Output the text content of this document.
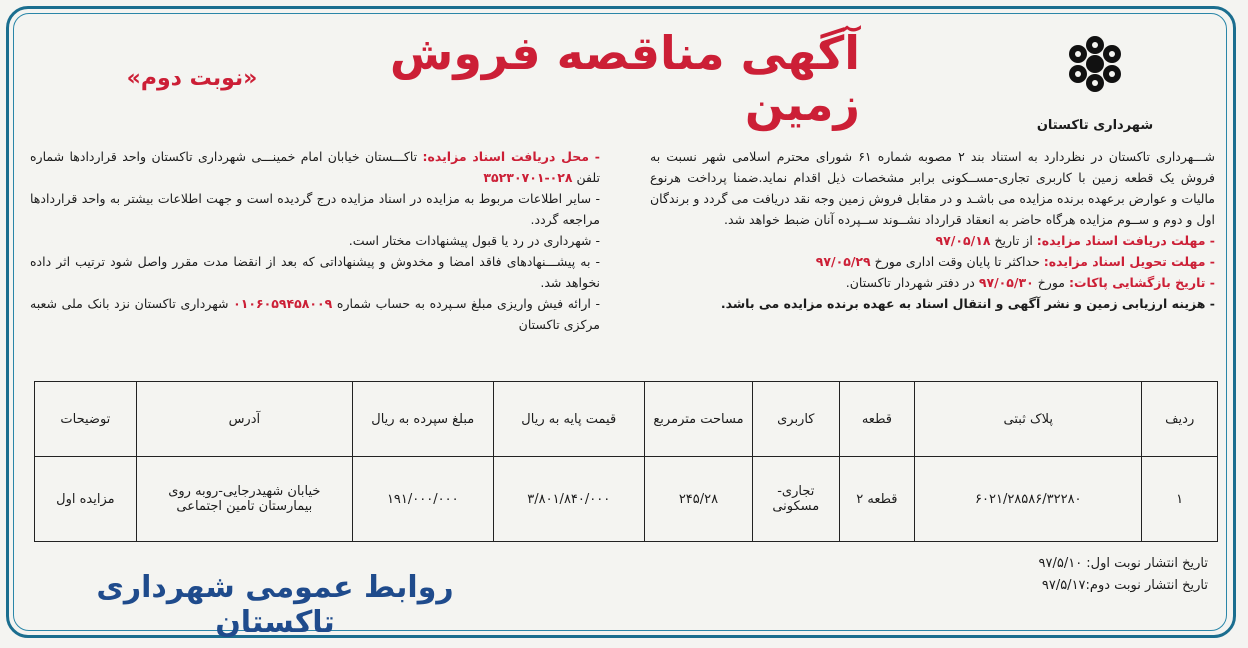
شهرداری تاکستان
آگهی مناقصه فروش زمین
«نوبت دوم»

شـــهرداری تاکستان در نظردارد به استناد بند ۲ مصوبه شماره ۶۱ شورای محترم اسلامی شهر نسبت به فروش یک قطعه زمین با کاربری تجاری-مســکونی برابر مشخصات ذیل اقدام نماید.ضمنا پرداخت هرنوع مالیات و عوارض برعهده برنده مزایده می باشـد و در مقابل فروش زمین وجه نقد دریافت می گردد و برندگان اول و دوم و ســوم مزایده هرگاه حاضر به انعقاد قرارداد نشــوند ســپرده آنان ضبط خواهد شد.

- مهلت دریافت اسناد مزایده: از تاریخ ۹۷/۰۵/۱۸

- مهلت تحویل اسناد مزایده: حداکثر تا پایان وقت اداری مورخ ۹۷/۰۵/۲۹

- تاریخ بازگشایی پاکات: مورخ ۹۷/۰۵/۳۰ در دفتر شهردار تاکستان.

- هزینه ارزیابی زمین و نشر آگهی و انتقال اسناد به عهده برنده مزایده می باشد.

- محل دریافت اسناد مزایده: تاکـــستان خیابان امام خمینـــی شهرداری تاکستان واحد قراردادها شماره تلفن ۰۲۸-۳۵۲۳۰۷۰۱

- سایر اطلاعات مربوط به مزایده در اسناد مزایده درج گردیده است و جهت اطلاعات بیشتر به واحد قراردادها مراجعه گردد.

- شهرداری در رد یا قبول پیشنهادات مختار است.

- به پیشـــنهادهای فاقد امضا و مخدوش و پیشنهاداتی که بعد از انقضا مدت مقرر واصل شود ترتیب اثر داده نخواهد شد.

- ارائه فیش واریزی مبلغ سـپرده به حساب شماره ۰۱۰۶۰۵۹۴۵۸۰۰۹ شهرداری تاکستان نزد بانک ملی شعبه مرکزی تاکستان

ردیف	پلاک ثبتی	قطعه	کاربری	مساحت مترمربع	قیمت پایه به ریال	مبلغ سپرده به ریال	آدرس	توضیحات
۱	۶۰۲۱/۲۸۵۸۶/۳۲۲۸۰	قطعه ۲	تجاری- مسکونی	۲۴۵/۲۸	۳/۸۰۱/۸۴۰/۰۰۰	۱۹۱/۰۰۰/۰۰۰	خیابان شهیدرجایی-روبه روی بیمارستان تامین اجتماعی	مزایده اول

تاریخ انتشار نوبت اول: ۹۷/۵/۱۰

تاریخ انتشار نوبت دوم:۹۷/۵/۱۷

روابط عمومی شهرداری تاکستان
